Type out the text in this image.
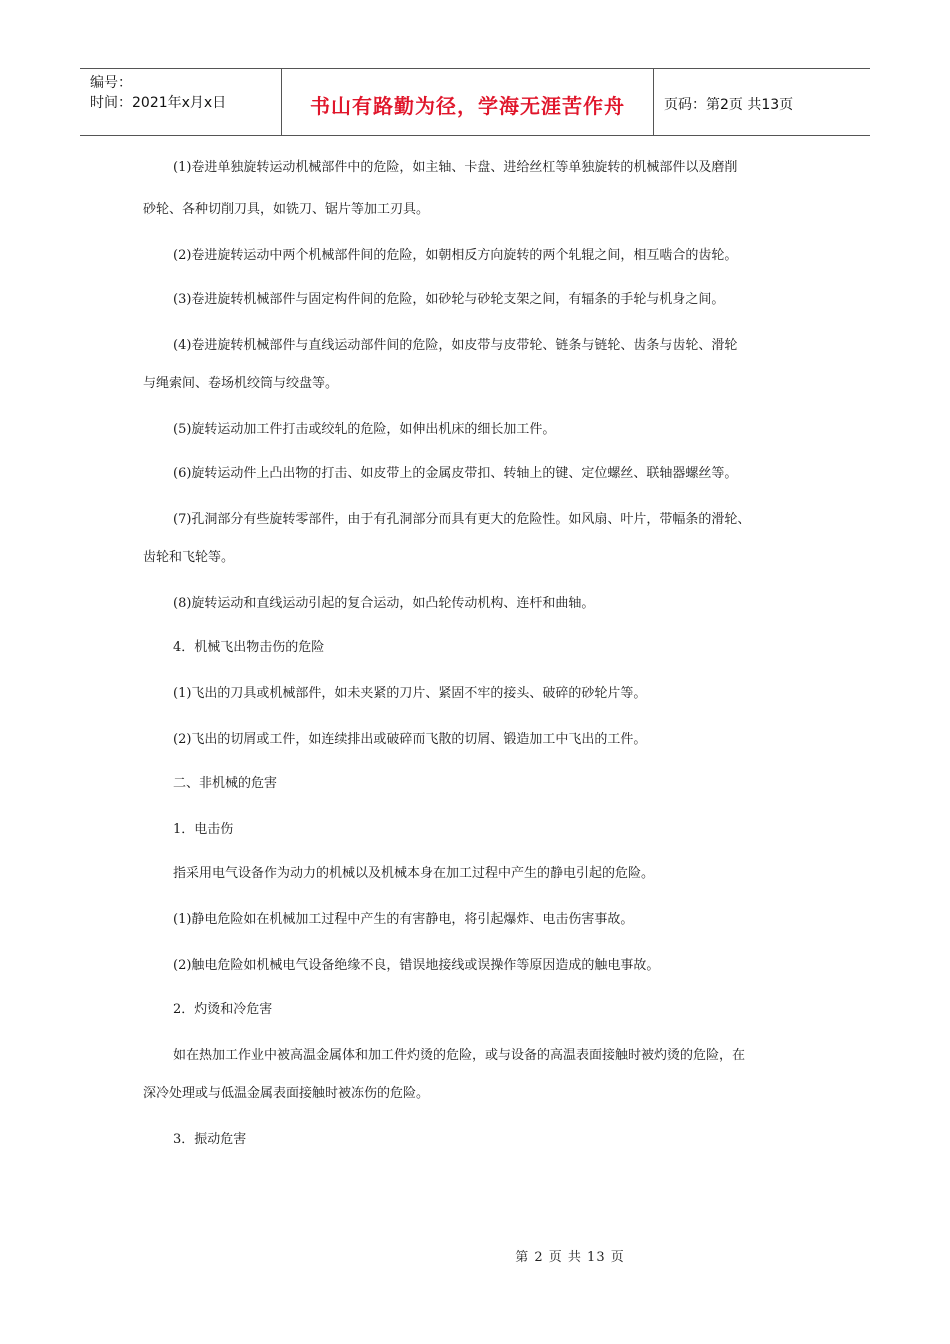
编号：
时间：2021年x月x日	书山有路勤为径，学海无涯苦作舟	页码：第2页 共13页

(1)卷进单独旋转运动机械部件中的危险，如主轴、卡盘、进给丝杠等单独旋转的机械部件以及磨削

砂轮、各种切削刀具，如铣刀、锯片等加工刃具。

(2)卷进旋转运动中两个机械部件间的危险，如朝相反方向旋转的两个轧辊之间，相互啮合的齿轮。

(3)卷进旋转机械部件与固定构件间的危险，如砂轮与砂轮支架之间，有辐条的手轮与机身之间。

(4)卷进旋转机械部件与直线运动部件间的危险，如皮带与皮带轮、链条与链轮、齿条与齿轮、滑轮

与绳索间、卷场机绞筒与绞盘等。

(5)旋转运动加工件打击或绞轧的危险，如伸出机床的细长加工件。

(6)旋转运动件上凸出物的打击、如皮带上的金属皮带扣、转轴上的键、定位螺丝、联轴器螺丝等。

(7)孔洞部分有些旋转零部件，由于有孔洞部分而具有更大的危险性。如风扇、叶片，带幅条的滑轮、

齿轮和飞轮等。

(8)旋转运动和直线运动引起的复合运动，如凸轮传动机构、连杆和曲轴。

4．机械飞出物击伤的危险

(1)飞出的刀具或机械部件，如未夹紧的刀片、紧固不牢的接头、破碎的砂轮片等。

(2)飞出的切屑或工件，如连续排出或破碎而飞散的切屑、锻造加工中飞出的工件。

二、非机械的危害

1．电击伤

指采用电气设备作为动力的机械以及机械本身在加工过程中产生的静电引起的危险。

(1)静电危险如在机械加工过程中产生的有害静电，将引起爆炸、电击伤害事故。

(2)触电危险如机械电气设备绝缘不良，错误地接线或误操作等原因造成的触电事故。

2．灼烫和冷危害

如在热加工作业中被高温金属体和加工件灼烫的危险，或与设备的高温表面接触时被灼烫的危险，在

深冷处理或与低温金属表面接触时被冻伤的危险。

3．振动危害

第 2 页 共 13 页
